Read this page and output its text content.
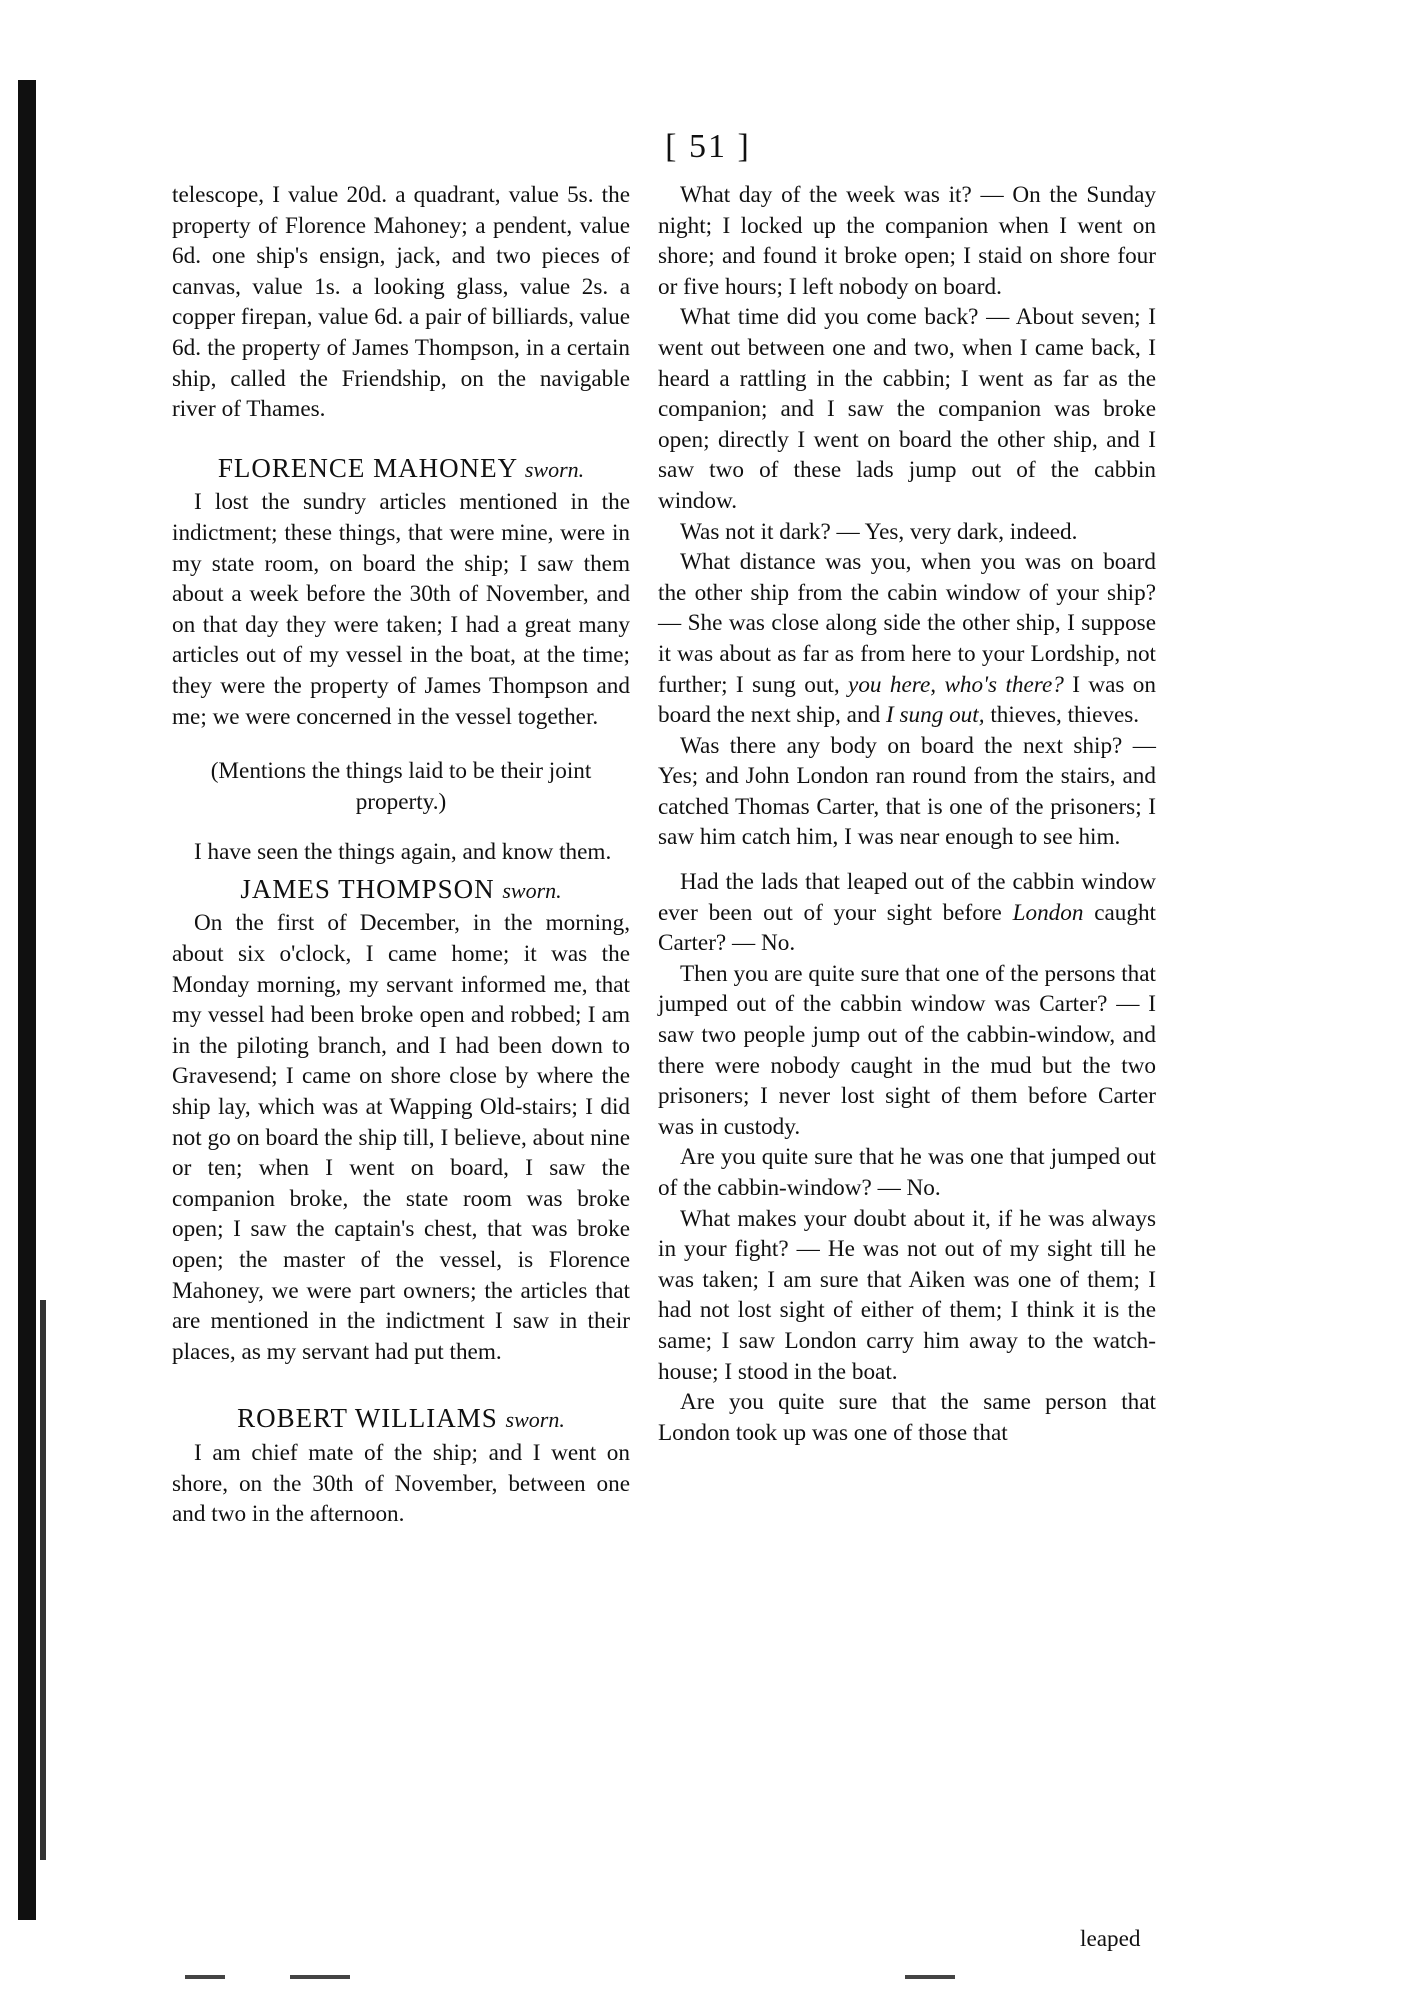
[ 51 ]

telescope, I value 20d. a quadrant, value 5s. the property of Florence Mahoney; a pendent, value 6d. one ship's ensign, jack, and two pieces of canvas, value 1s. a looking glass, value 2s. a copper firepan, value 6d. a pair of billiards, value 6d. the property of James Thompson, in a certain ship, called the Friendship, on the navigable river of Thames.

FLORENCE MAHONEY sworn.

I lost the sundry articles mentioned in the indictment; these things, that were mine, were in my state room, on board the ship; I saw them about a week before the 30th of November, and on that day they were taken; I had a great many articles out of my vessel in the boat, at the time; they were the property of James Thompson and me; we were concerned in the vessel together.

(Mentions the things laid to be their joint property.)

I have seen the things again, and know them.

JAMES THOMPSON sworn.

On the first of December, in the morning, about six o'clock, I came home; it was the Monday morning, my servant informed me, that my vessel had been broke open and robbed; I am in the piloting branch, and I had been down to Gravesend; I came on shore close by where the ship lay, which was at Wapping Old-stairs; I did not go on board the ship till, I believe, about nine or ten; when I went on board, I saw the companion broke, the state room was broke open; I saw the captain's chest, that was broke open; the master of the vessel, is Florence Mahoney, we were part owners; the articles that are mentioned in the indictment I saw in their places, as my servant had put them.

ROBERT WILLIAMS sworn.

I am chief mate of the ship; and I went on shore, on the 30th of November, between one and two in the afternoon.

What day of the week was it? — On the Sunday night; I locked up the companion when I went on shore; and found it broke open; I staid on shore four or five hours; I left nobody on board.

What time did you come back? — About seven; I went out between one and two, when I came back, I heard a rattling in the cabbin; I went as far as the companion; and I saw the companion was broke open; directly I went on board the other ship, and I saw two of these lads jump out of the cabbin window.

Was not it dark? — Yes, very dark, indeed.

What distance was you, when you was on board the other ship from the cabin window of your ship? — She was close along side the other ship, I suppose it was about as far as from here to your Lordship, not further; I sung out, you here, who's there? I was on board the next ship, and I sung out, thieves, thieves.

Was there any body on board the next ship? — Yes; and John London ran round from the stairs, and catched Thomas Carter, that is one of the prisoners; I saw him catch him, I was near enough to see him.

Had the lads that leaped out of the cabbin window ever been out of your sight before London caught Carter? — No.

Then you are quite sure that one of the persons that jumped out of the cabbin window was Carter? — I saw two people jump out of the cabbin-window, and there were nobody caught in the mud but the two prisoners; I never lost sight of them before Carter was in custody.

Are you quite sure that he was one that jumped out of the cabbin-window? — No.

What makes your doubt about it, if he was always in your fight? — He was not out of my sight till he was taken; I am sure that Aiken was one of them; I had not lost sight of either of them; I think it is the same; I saw London carry him away to the watch-house; I stood in the boat.

Are you quite sure that the same person that London took up was one of those that

leaped
